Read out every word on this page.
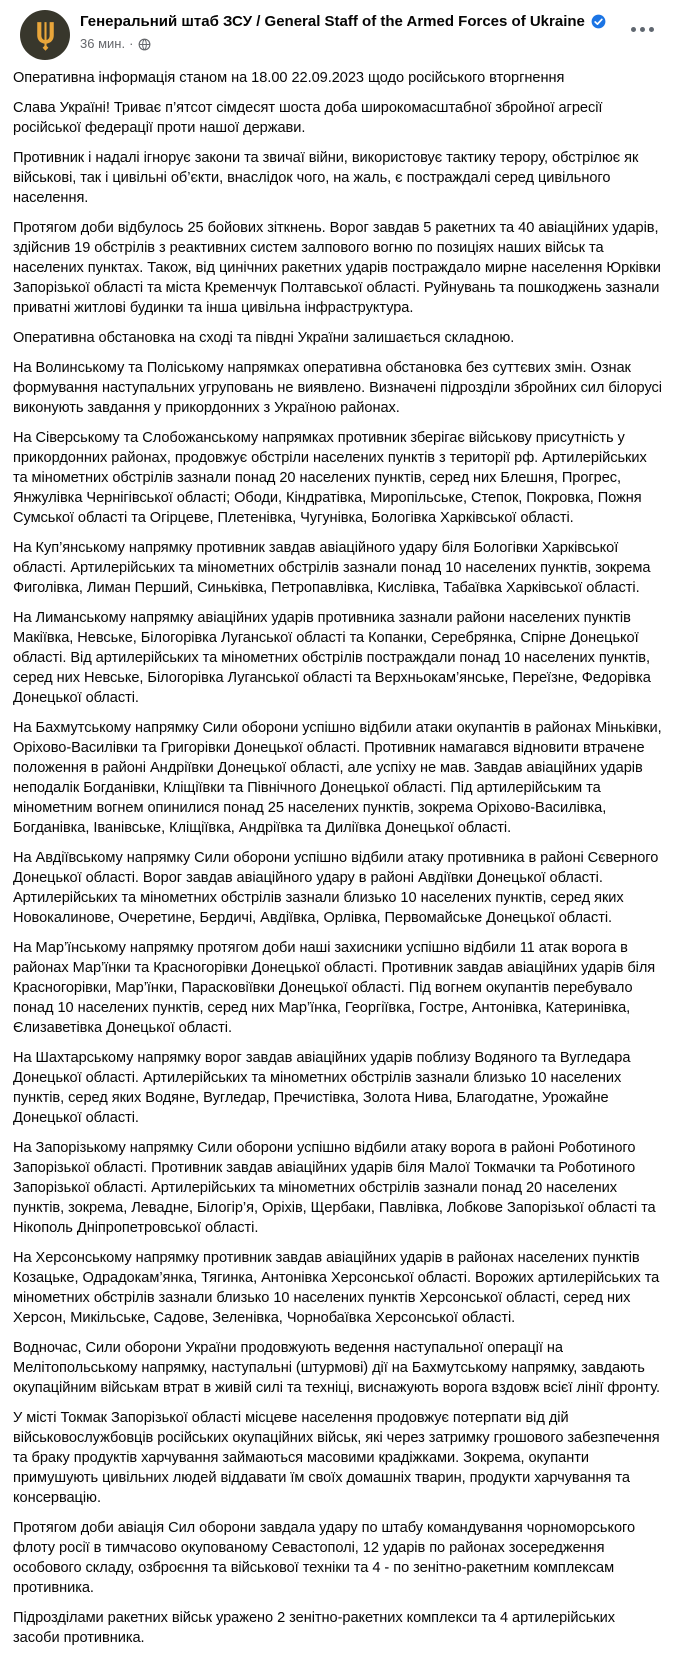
Генеральний штаб ЗСУ / General Staff of the Armed Forces of Ukraine
36 мин. ·

Оперативна інформація станом на 18.00 22.09.2023 щодо російського вторгнення

Слава Україні! Триває п’ятсот сімдесят шоста доба широкомасштабної збройної агресії російської федерації проти нашої держави.

Противник і надалі ігнорує закони та звичаї війни, використовує тактику терору, обстрілює як військові, так і цивільні об’єкти, внаслідок чого, на жаль, є постраждалі серед цивільного населення.

Протягом доби відбулось 25 бойових зіткнень. Ворог завдав 5 ракетних та 40 авіаційних ударів, здійснив 19 обстрілів з реактивних систем залпового вогню по позиціях наших військ та населених пунктах. Також, від цинічних ракетних ударів постраждало мирне населення Юрківки Запорізької області та міста Кременчук Полтавської області. Руйнувань та пошкоджень зазнали приватні житлові будинки та інша цивільна інфраструктура.

Оперативна обстановка на сході та півдні України залишається складною.

На Волинському та Поліському напрямках оперативна обстановка без суттєвих змін. Ознак формування наступальних угруповань не виявлено. Визначені підрозділи збройних сил білорусі виконують завдання у прикордонних з Україною районах.

На Сіверському та Слобожанському напрямках противник зберігає військову присутність у прикордонних районах, продовжує обстріли населених пунктів з території рф. Артилерійських та мінометних обстрілів зазнали понад 20 населених пунктів, серед них Блешня, Прогрес, Янжулівка Чернігівської області; Ободи, Кіндратівка, Миропільське, Степок, Покровка, Пожня Сумської області та Огірцеве, Плетенівка, Чугунівка, Бологівка Харківської області.

На Куп’янському напрямку противник завдав авіаційного удару біля Бологівки Харківської області. Артилерійських та мінометних обстрілів зазнали понад 10 населених пунктів, зокрема Фиголівка, Лиман Перший, Синьківка, Петропавлівка, Кислівка, Табаївка Харківської області.

На Лиманському напрямку авіаційних ударів противника зазнали райони населених пунктів Макіївка, Невське, Білогорівка Луганської області та Копанки, Серебрянка, Спірне Донецької області. Від артилерійських та мінометних обстрілів постраждали понад 10 населених пунктів, серед них Невське, Білогорівка Луганської області та Верхньокам’янське, Переїзне, Федорівка Донецької області.

На Бахмутському напрямку Сили оборони успішно відбили атаки окупантів в районах Міньківки, Оріхово-Василівки та Григорівки Донецької області. Противник намагався відновити втрачене положення в районі Андріївки Донецької області, але успіху не мав. Завдав авіаційних ударів неподалік Богданівки, Кліщіївки та Північного Донецької області. Під артилерійським та мінометним вогнем опинилися понад 25 населених пунктів, зокрема Оріхово-Василівка, Богданівка, Іванівське, Кліщіївка, Андріївка та Диліївка Донецької області.

На Авдіївському напрямку Сили оборони успішно відбили атаку противника в районі Сєверного Донецької області. Ворог завдав авіаційного удару в районі Авдіївки Донецької області. Артилерійських та мінометних обстрілів зазнали близько 10 населених пунктів, серед яких Новокалинове, Очеретине, Бердичі, Авдіївка, Орлівка, Первомайське Донецької області.

На Мар’їнському напрямку протягом доби наші захисники успішно відбили 11 атак ворога в районах Мар’їнки та Красногорівки Донецької області. Противник завдав авіаційних ударів біля Красногорівки, Мар’їнки, Парасковіївки Донецької області. Під вогнем окупантів перебувало понад 10 населених пунктів, серед них Мар’їнка, Георгіївка, Гостре, Антонівка, Катеринівка, Єлизаветівка Донецької області.

На Шахтарському напрямку ворог завдав авіаційних ударів поблизу Водяного та Вугледара Донецької області. Артилерійських та мінометних обстрілів зазнали близько 10 населених пунктів, серед яких Водяне, Вугледар, Пречистівка, Золота Нива, Благодатне, Урожайне Донецької області.

На Запорізькому напрямку Сили оборони успішно відбили атаку ворога в районі Роботиного Запорізької області. Противник завдав авіаційних ударів біля Малої Токмачки та Роботиного Запорізької області. Артилерійських та мінометних обстрілів зазнали понад 20 населених пунктів, зокрема, Левадне, Білогір’я, Оріхів, Щербаки, Павлівка, Лобкове Запорізької області та Нікополь Дніпропетровської області.

На Херсонському напрямку противник завдав авіаційних ударів в районах населених пунктів Козацьке, Одрадокам’янка, Тягинка, Антонівка Херсонської області. Ворожих артилерійських та мінометних обстрілів зазнали близько 10 населених пунктів Херсонської області, серед них Херсон, Микільське, Садове, Зеленівка, Чорнобаївка Херсонської області.

Водночас, Сили оборони України продовжують ведення наступальної операції на Мелітопольському напрямку, наступальні (штурмові) дії на Бахмутському напрямку, завдають окупаційним військам втрат в живій силі та техніці, виснажують ворога вздовж всієї лінії фронту.

У місті Токмак Запорізької області місцеве населення продовжує потерпати від дій військовослужбовців російських окупаційних військ, які через затримку грошового забезпечення та браку продуктів харчування займаються масовими крадіжками. Зокрема, окупанти примушують цивільних людей віддавати їм своїх домашніх тварин, продукти харчування та консервацію.

Протягом доби авіація Сил оборони завдала удару по штабу командування чорноморського флоту росії в тимчасово окупованому Севастополі, 12 ударів по районах зосередження особового складу, озброєння та військової техніки та 4 - по зенітно-ракетним комплексам противника.

Підрозділами ракетних військ уражено 2 зенітно-ракетних комплекси та 4 артилерійських засоби противника.
